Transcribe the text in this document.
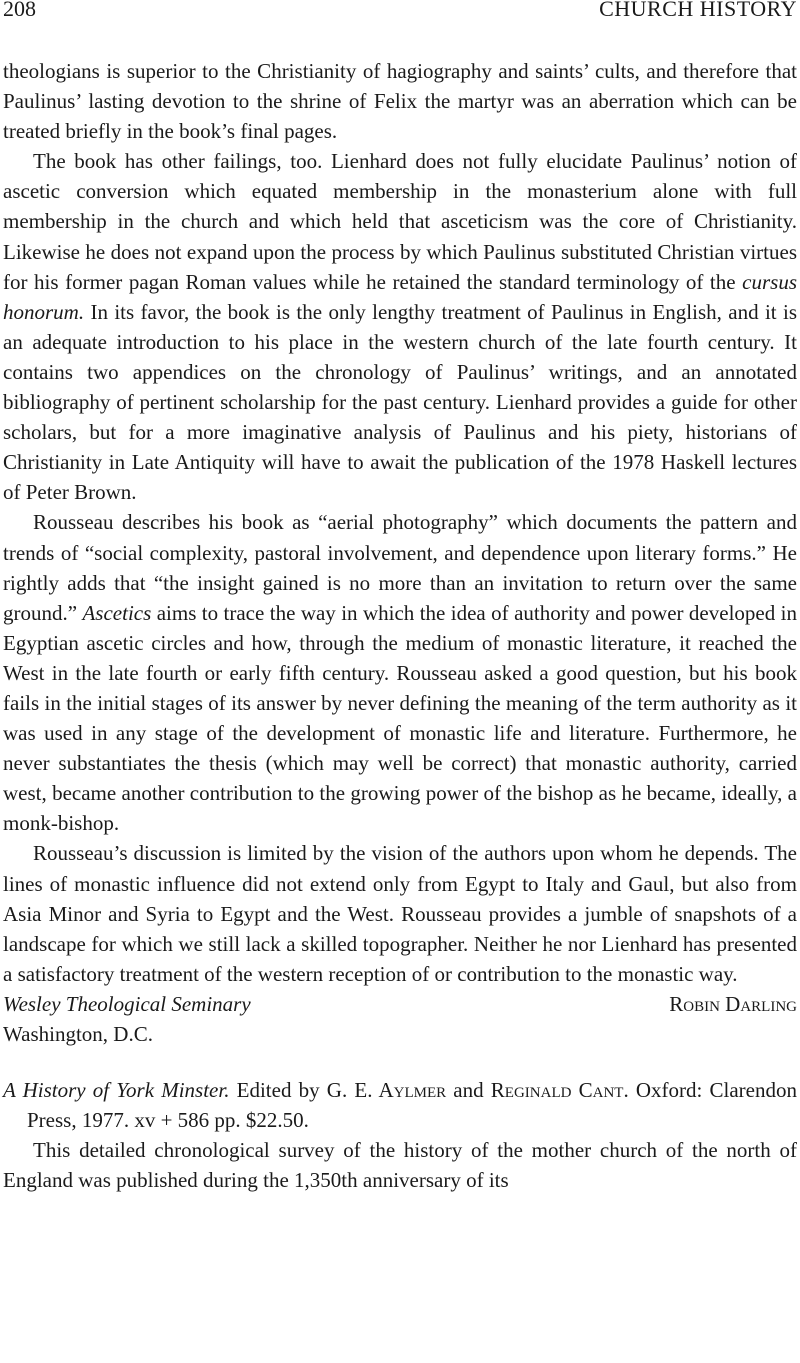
208	CHURCH HISTORY

theologians is superior to the Christianity of hagiography and saints’ cults, and therefore that Paulinus’ lasting devotion to the shrine of Felix the martyr was an aberration which can be treated briefly in the book’s final pages.

The book has other failings, too. Lienhard does not fully elucidate Paulinus’ notion of ascetic conversion which equated membership in the monasterium alone with full membership in the church and which held that asceticism was the core of Christianity. Likewise he does not expand upon the process by which Paulinus substituted Christian virtues for his former pagan Roman values while he retained the standard terminology of the cursus honorum. In its favor, the book is the only lengthy treatment of Paulinus in English, and it is an adequate introduction to his place in the western church of the late fourth century. It contains two appendices on the chronology of Paulinus’ writings, and an annotated bibliography of pertinent scholarship for the past century. Lienhard provides a guide for other scholars, but for a more imaginative analysis of Paulinus and his piety, historians of Christianity in Late Antiquity will have to await the publication of the 1978 Haskell lectures of Peter Brown.

Rousseau describes his book as “aerial photography” which documents the pattern and trends of “social complexity, pastoral involvement, and dependence upon literary forms.” He rightly adds that “the insight gained is no more than an invitation to return over the same ground.” Ascetics aims to trace the way in which the idea of authority and power developed in Egyptian ascetic circles and how, through the medium of monastic literature, it reached the West in the late fourth or early fifth century. Rousseau asked a good question, but his book fails in the initial stages of its answer by never defining the meaning of the term authority as it was used in any stage of the development of monastic life and literature. Furthermore, he never substantiates the thesis (which may well be correct) that monastic authority, carried west, became another contribution to the growing power of the bishop as he became, ideally, a monk-bishop.

Rousseau’s discussion is limited by the vision of the authors upon whom he depends. The lines of monastic influence did not extend only from Egypt to Italy and Gaul, but also from Asia Minor and Syria to Egypt and the West. Rousseau provides a jumble of snapshots of a landscape for which we still lack a skilled topographer. Neither he nor Lienhard has presented a satisfactory treatment of the western reception of or contribution to the monastic way.

Wesley Theological Seminary	Robin Darling
Washington, D.C.

A History of York Minster. Edited by G. E. Aylmer and Reginald Cant. Oxford: Clarendon Press, 1977. xv + 586 pp. $22.50.

This detailed chronological survey of the history of the mother church of the north of England was published during the 1,350th anniversary of its
